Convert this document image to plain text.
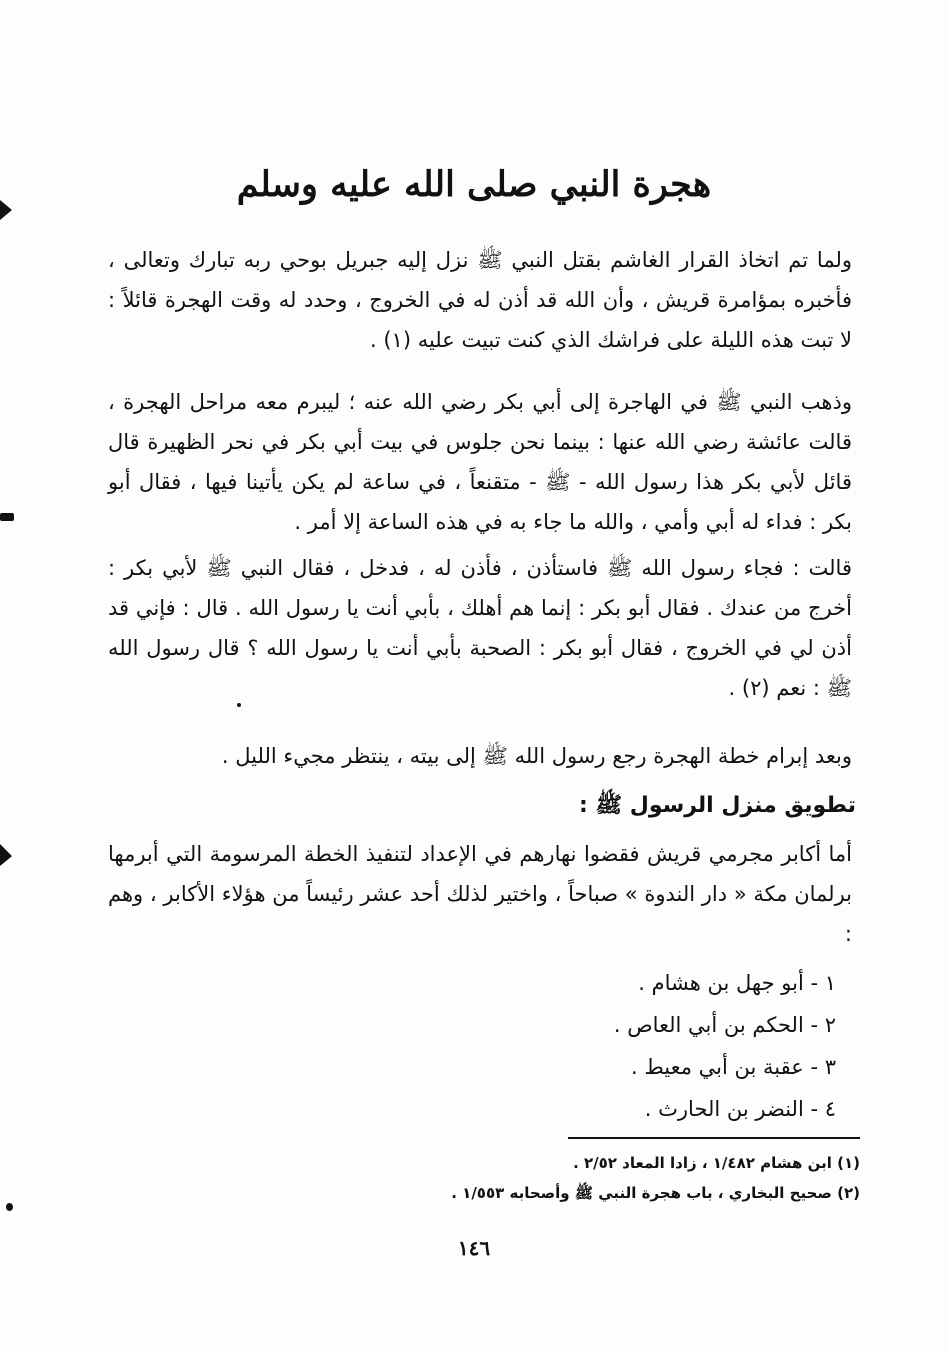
هجرة النبي صلى الله عليه وسلم

ولما تم اتخاذ القرار الغاشم بقتل النبي ﷺ نزل إليه جبريل بوحي ربه تبارك وتعالى ، فأخبره بمؤامرة قريش ، وأن الله قد أذن له في الخروج ، وحدد له وقت الهجرة قائلاً : لا تبت هذه الليلة على فراشك الذي كنت تبيت عليه (١) .

وذهب النبي ﷺ في الهاجرة إلى أبي بكر رضي الله عنه ؛ ليبرم معه مراحل الهجرة ، قالت عائشة رضي الله عنها : بينما نحن جلوس في بيت أبي بكر في نحر الظهيرة قال قائل لأبي بكر هذا رسول الله - ﷺ - متقنعاً ، في ساعة لم يكن يأتينا فيها ، فقال أبو بكر : فداء له أبي وأمي ، والله ما جاء به في هذه الساعة إلا أمر .

قالت : فجاء رسول الله ﷺ فاستأذن ، فأذن له ، فدخل ، فقال النبي ﷺ لأبي بكر : أخرج من عندك . فقال أبو بكر : إنما هم أهلك ، بأبي أنت يا رسول الله . قال : فإني قد أذن لي في الخروج ، فقال أبو بكر : الصحبة بأبي أنت يا رسول الله ؟ قال رسول الله ﷺ : نعم (٢) .

وبعد إبرام خطة الهجرة رجع رسول الله ﷺ إلى بيته ، ينتظر مجيء الليل .

تطويق منزل الرسول ﷺ :

أما أكابر مجرمي قريش فقضوا نهارهم في الإعداد لتنفيذ الخطة المرسومة التي أبرمها برلمان مكة « دار الندوة » صباحاً ، واختير لذلك أحد عشر رئيساً من هؤلاء الأكابر ، وهم :

١ - أبو جهل بن هشام .
٢ - الحكم بن أبي العاص .
٣ - عقبة بن أبي معيط .
٤ - النضر بن الحارث .
(١) ابن هشام ١/٤٨٢ ، زادا المعاد ٢/٥٢ .
(٢) صحيح البخاري ، باب هجرة النبي ﷺ وأصحابه ١/٥٥٣ .
١٤٦
